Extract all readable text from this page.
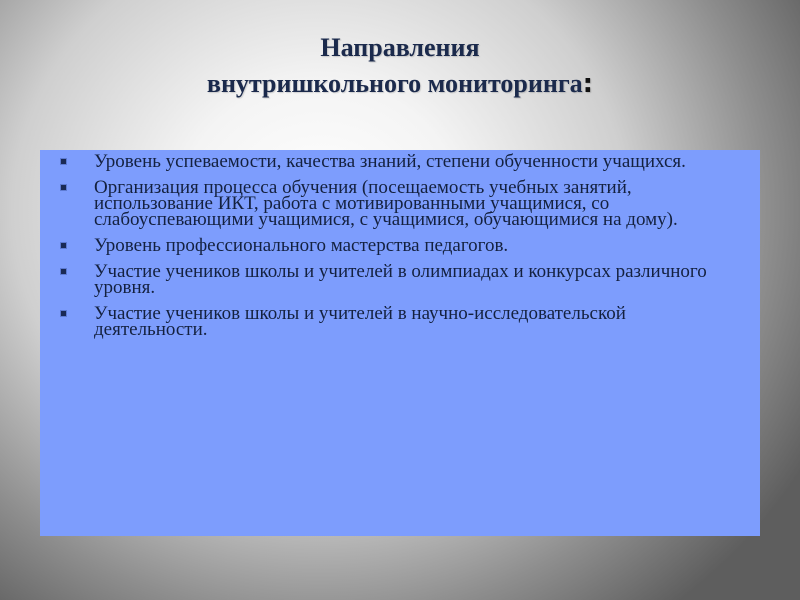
Направления
внутришкольного мониторинга:
Уровень успеваемости, качества знаний, степени обученности учащихся.
Организация процесса обучения (посещаемость учебных занятий, использование ИКТ, работа с мотивированными учащимися, со слабоуспевающими учащимися, с учащимися, обучающимися на дому).
Уровень профессионального мастерства педагогов.
Участие учеников школы и учителей в олимпиадах и конкурсах различного уровня.
Участие учеников школы и учителей в научно-исследовательской деятельности.
